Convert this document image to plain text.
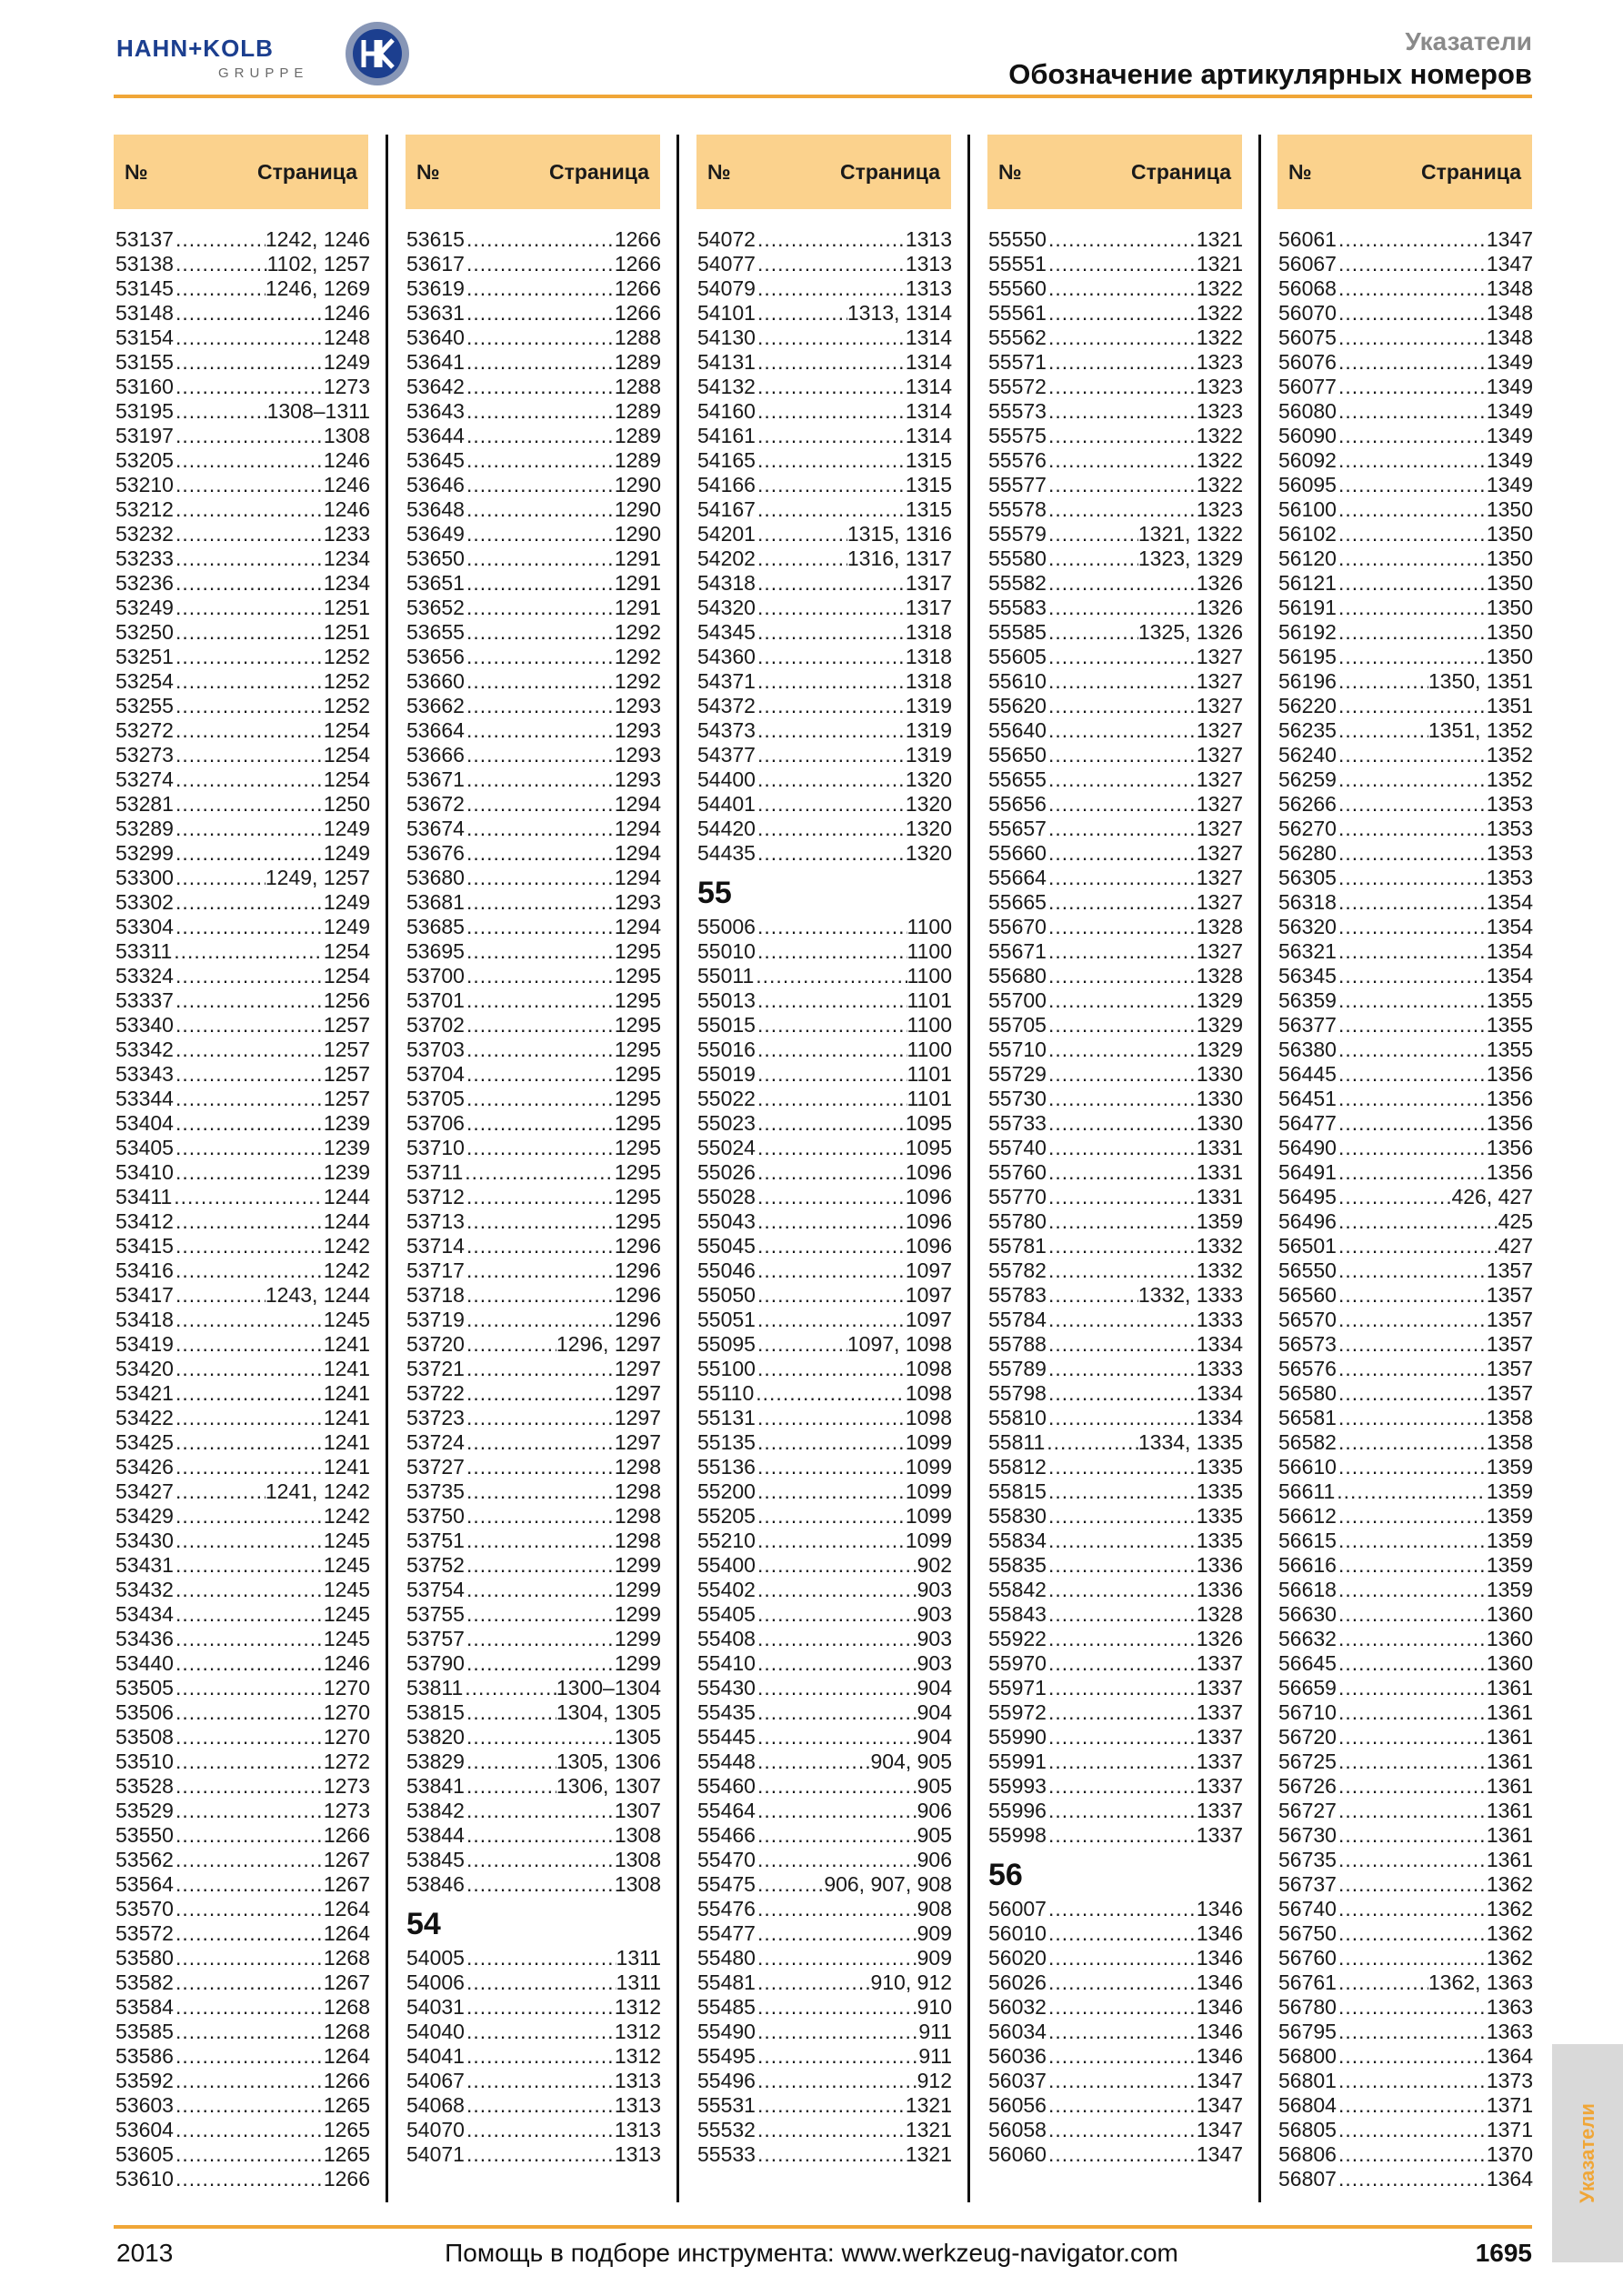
HAHN+KOLB
GRUPPE
Указатели
Обозначение артикулярных номеров
№	Страница	№	Страница	№	Страница	№	Страница	№	Страница
53137 .....	1242, 1246
53138 .....	1102, 1257
53145 .....	1246, 1269
53148 .....	1246
53154 .....	1248
53155 .....	1249
53160 .....	1273
53195 .....	1308–1311
53197 .....	1308
53205 .....	1246
53210 .....	1246
53212 .....	1246
53232 .....	1233
53233 .....	1234
53236 .....	1234
53249 .....	1251
53250 .....	1251
53251 .....	1252
53254 .....	1252
53255 .....	1252
53272 .....	1254
53273 .....	1254
53274 .....	1254
53281 .....	1250
53289 .....	1249
53299 .....	1249
53300 .....	1249, 1257
53302 .....	1249
53304 .....	1249
53311 .....	1254
53324 .....	1254
53337 .....	1256
53340 .....	1257
53342 .....	1257
53343 .....	1257
53344 .....	1257
53404 .....	1239
53405 .....	1239
53410 .....	1239
53411 .....	1244
53412 .....	1244
53415 .....	1242
53416 .....	1242
53417 .....	1243, 1244
53418 .....	1245
53419 .....	1241
53420 .....	1241
53421 .....	1241
53422 .....	1241
53425 .....	1241
53426 .....	1241
53427 .....	1241, 1242
53429 .....	1242
53430 .....	1245
53431 .....	1245
53432 .....	1245
53434 .....	1245
53436 .....	1245
53440 .....	1246
53505 .....	1270
53506 .....	1270
53508 .....	1270
53510 .....	1272
53528 .....	1273
53529 .....	1273
53550 .....	1266
53562 .....	1267
53564 .....	1267
53570 .....	1264
53572 .....	1264
53580 .....	1268
53582 .....	1267
53584 .....	1268
53585 .....	1268
53586 .....	1264
53592 .....	1266
53603 .....	1265
53604 .....	1265
53605 .....	1265
53610 .....	1266
53615 .....	1266
53617 .....	1266
53619 .....	1266
53631 .....	1266
53640 .....	1288
53641 .....	1289
53642 .....	1288
53643 .....	1289
53644 .....	1289
53645 .....	1289
53646 .....	1290
53648 .....	1290
53649 .....	1290
53650 .....	1291
53651 .....	1291
53652 .....	1291
53655 .....	1292
53656 .....	1292
53660 .....	1292
53662 .....	1293
53664 .....	1293
53666 .....	1293
53671 .....	1293
53672 .....	1294
53674 .....	1294
53676 .....	1294
53680 .....	1294
53681 .....	1293
53685 .....	1294
53695 .....	1295
53700 .....	1295
53701 .....	1295
53702 .....	1295
53703 .....	1295
53704 .....	1295
53705 .....	1295
53706 .....	1295
53710 .....	1295
53711 .....	1295
53712 .....	1295
53713 .....	1295
53714 .....	1296
53717 .....	1296
53718 .....	1296
53719 .....	1296
53720 .....	1296, 1297
53721 .....	1297
53722 .....	1297
53723 .....	1297
53724 .....	1297
53727 .....	1298
53735 .....	1298
53750 .....	1298
53751 .....	1298
53752 .....	1299
53754 .....	1299
53755 .....	1299
53757 .....	1299
53790 .....	1299
53811 .....	1300–1304
53815 .....	1304, 1305
53820 .....	1305
53829 .....	1305, 1306
53841 .....	1306, 1307
53842 .....	1307
53844 .....	1308
53845 .....	1308
53846 .....	1308
54
54005 .....	1311
54006 .....	1311
54031 .....	1312
54040 .....	1312
54041 .....	1312
54067 .....	1313
54068 .....	1313
54070 .....	1313
54071 .....	1313
54072 .....	1313
54077 .....	1313
54079 .....	1313
54101 .....	1313, 1314
54130 .....	1314
54131 .....	1314
54132 .....	1314
54160 .....	1314
54161 .....	1314
54165 .....	1315
54166 .....	1315
54167 .....	1315
54201 .....	1315, 1316
54202 .....	1316, 1317
54318 .....	1317
54320 .....	1317
54345 .....	1318
54360 .....	1318
54371 .....	1318
54372 .....	1319
54373 .....	1319
54377 .....	1319
54400 .....	1320
54401 .....	1320
54420 .....	1320
54435 .....	1320
55
55006 .....	1100
55010 .....	1100
55011 .....	1100
55013 .....	1101
55015 .....	1100
55016 .....	1100
55019 .....	1101
55022 .....	1101
55023 .....	1095
55024 .....	1095
55026 .....	1096
55028 .....	1096
55043 .....	1096
55045 .....	1096
55046 .....	1097
55050 .....	1097
55051 .....	1097
55095 .....	1097, 1098
55100 .....	1098
55110 .....	1098
55131 .....	1098
55135 .....	1099
55136 .....	1099
55200 .....	1099
55205 .....	1099
55210 .....	1099
55400 .....	902
55402 .....	903
55405 .....	903
55408 .....	903
55410 .....	903
55430 .....	904
55435 .....	904
55445 .....	904
55448 .....	904, 905
55460 .....	905
55464 .....	906
55466 .....	905
55470 .....	906
55475 .....	906, 907, 908
55476 .....	908
55477 .....	909
55480 .....	909
55481 .....	910, 912
55485 .....	910
55490 .....	911
55495 .....	911
55496 .....	912
55531 .....	1321
55532 .....	1321
55533 .....	1321
55550 .....	1321
55551 .....	1321
55560 .....	1322
55561 .....	1322
55562 .....	1322
55571 .....	1323
55572 .....	1323
55573 .....	1323
55575 .....	1322
55576 .....	1322
55577 .....	1322
55578 .....	1323
55579 .....	1321, 1322
55580 .....	1323, 1329
55582 .....	1326
55583 .....	1326
55585 .....	1325, 1326
55605 .....	1327
55610 .....	1327
55620 .....	1327
55640 .....	1327
55650 .....	1327
55655 .....	1327
55656 .....	1327
55657 .....	1327
55660 .....	1327
55664 .....	1327
55665 .....	1327
55670 .....	1328
55671 .....	1327
55680 .....	1328
55700 .....	1329
55705 .....	1329
55710 .....	1329
55729 .....	1330
55730 .....	1330
55733 .....	1330
55740 .....	1331
55760 .....	1331
55770 .....	1331
55780 .....	1359
55781 .....	1332
55782 .....	1332
55783 .....	1332, 1333
55784 .....	1333
55788 .....	1334
55789 .....	1333
55798 .....	1334
55810 .....	1334
55811 .....	1334, 1335
55812 .....	1335
55815 .....	1335
55830 .....	1335
55834 .....	1335
55835 .....	1336
55842 .....	1336
55843 .....	1328
55922 .....	1326
55970 .....	1337
55971 .....	1337
55972 .....	1337
55990 .....	1337
55991 .....	1337
55993 .....	1337
55996 .....	1337
55998 .....	1337
56
56007 .....	1346
56010 .....	1346
56020 .....	1346
56026 .....	1346
56032 .....	1346
56034 .....	1346
56036 .....	1346
56037 .....	1347
56056 .....	1347
56058 .....	1347
56060 .....	1347
56061 .....	1347
56067 .....	1347
56068 .....	1348
56070 .....	1348
56075 .....	1348
56076 .....	1349
56077 .....	1349
56080 .....	1349
56090 .....	1349
56092 .....	1349
56095 .....	1349
56100 .....	1350
56102 .....	1350
56120 .....	1350
56121 .....	1350
56191 .....	1350
56192 .....	1350
56195 .....	1350
56196 .....	1350, 1351
56220 .....	1351
56235 .....	1351, 1352
56240 .....	1352
56259 .....	1352
56266 .....	1353
56270 .....	1353
56280 .....	1353
56305 .....	1353
56318 .....	1354
56320 .....	1354
56321 .....	1354
56345 .....	1354
56359 .....	1355
56377 .....	1355
56380 .....	1355
56445 .....	1356
56451 .....	1356
56477 .....	1356
56490 .....	1356
56491 .....	1356
56495 .....	426, 427
56496 .....	425
56501 .....	427
56550 .....	1357
56560 .....	1357
56570 .....	1357
56573 .....	1357
56576 .....	1357
56580 .....	1357
56581 .....	1358
56582 .....	1358
56610 .....	1359
56611 .....	1359
56612 .....	1359
56615 .....	1359
56616 .....	1359
56618 .....	1359
56630 .....	1360
56632 .....	1360
56645 .....	1360
56659 .....	1361
56710 .....	1361
56720 .....	1361
56725 .....	1361
56726 .....	1361
56727 .....	1361
56730 .....	1361
56735 .....	1361
56737 .....	1362
56740 .....	1362
56750 .....	1362
56760 .....	1362
56761 .....	1362, 1363
56780 .....	1363
56795 .....	1363
56800 .....	1364
56801 .....	1373
56804 .....	1371
56805 .....	1371
56806 .....	1370
56807 .....	1364 Указатели
2013	Помощь в подборе инструмента: www.werkzeug-navigator.com	1695
